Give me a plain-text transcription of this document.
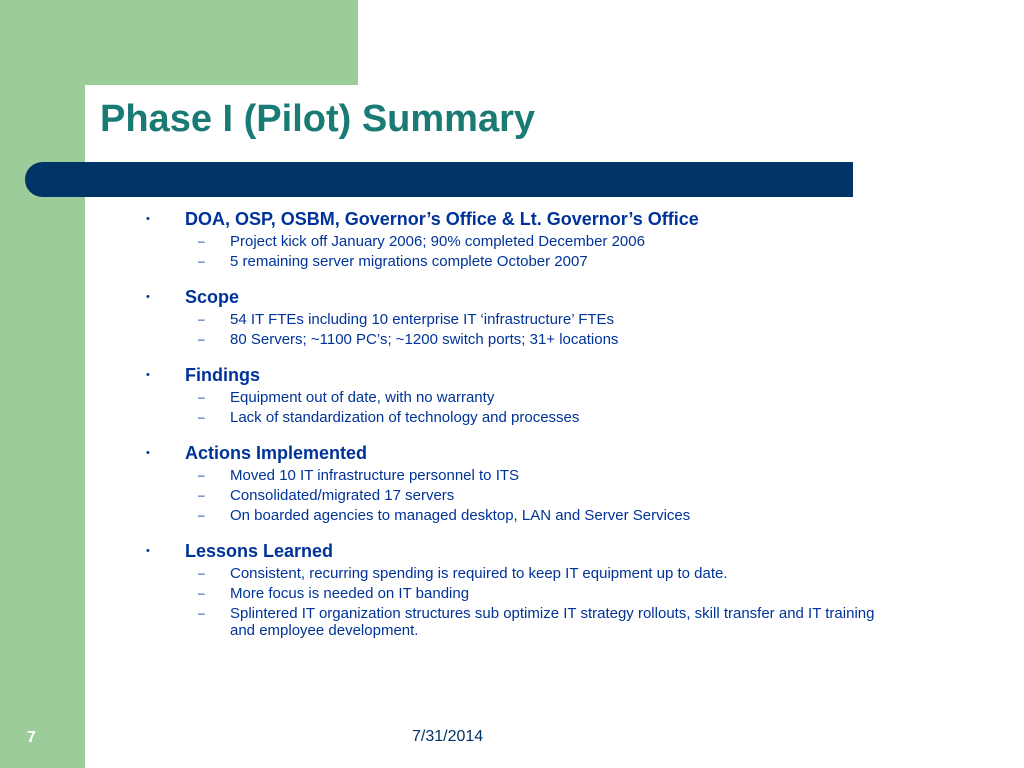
Phase I (Pilot) Summary
• DOA, OSP, OSBM, Governor’s Office & Lt. Governor’s Office
– Project kick off January 2006; 90% completed December 2006
– 5 remaining server migrations complete October 2007
• Scope
– 54 IT FTEs including 10 enterprise IT ‘infrastructure’ FTEs
– 80 Servers; ~1100 PC’s; ~1200 switch ports; 31+ locations
• Findings
– Equipment out of date, with no warranty
– Lack of standardization of technology and processes
• Actions Implemented
– Moved 10 IT infrastructure personnel to ITS
– Consolidated/migrated 17 servers
– On boarded agencies to managed desktop, LAN and Server Services
• Lessons Learned
– Consistent, recurring spending is required to keep IT equipment up to date.
– More focus is needed on IT banding
– Splintered IT organization structures sub optimize IT strategy rollouts, skill transfer and IT training and employee development.
7	7/31/2014
